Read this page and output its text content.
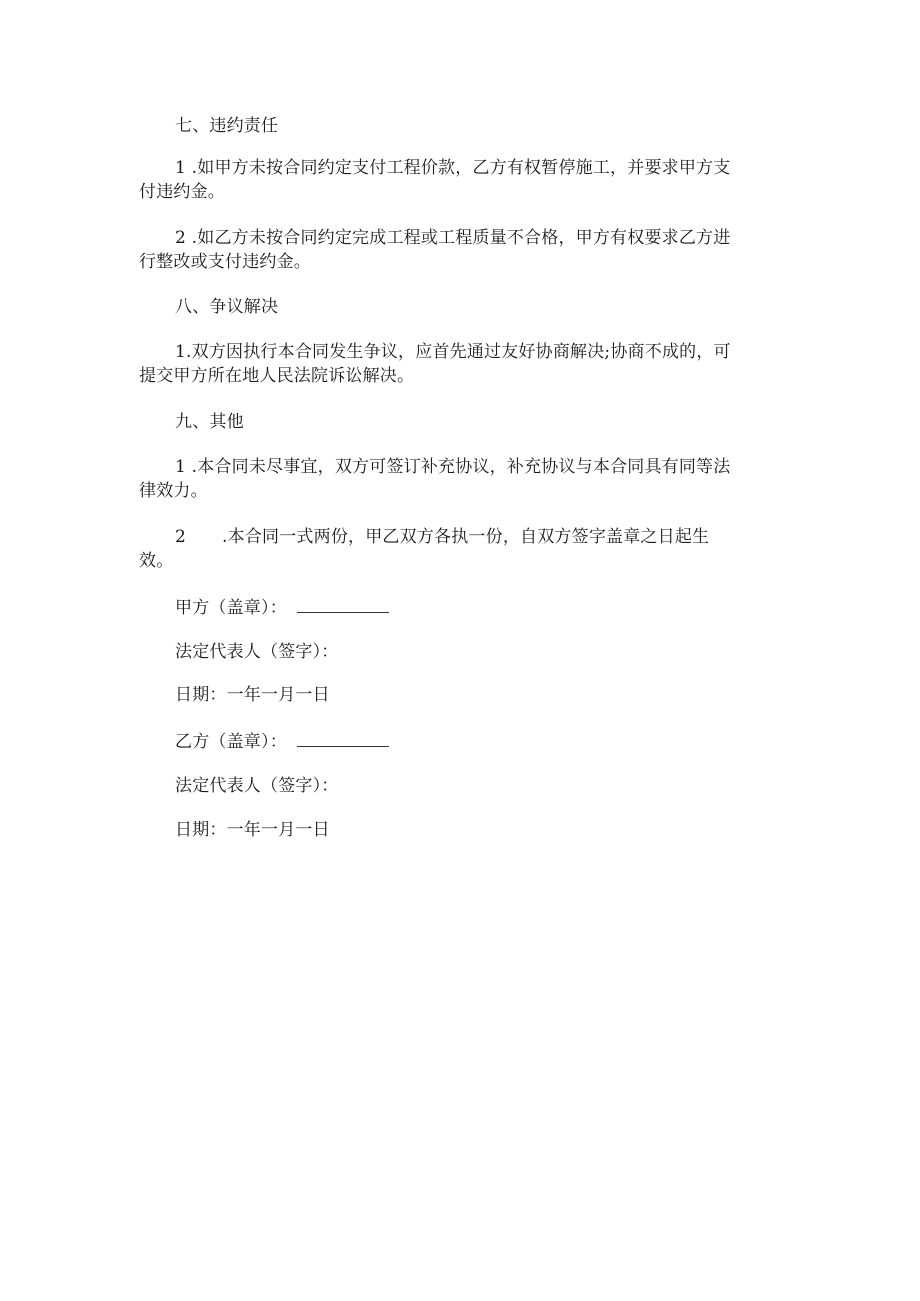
七、违约责任
1 .如甲方未按合同约定支付工程价款，乙方有权暂停施工，并要求甲方支
付违约金。
2 .如乙方未按合同约定完成工程或工程质量不合格，甲方有权要求乙方进
行整改或支付违约金。
八、争议解决
1.双方因执行本合同发生争议，应首先通过友好协商解决;协商不成的，可
提交甲方所在地人民法院诉讼解决。
九、其他
1 .本合同未尽事宜，双方可签订补充协议，补充协议与本合同具有同等法
律效力。
2 .本合同一式两份，甲乙双方各执一份，自双方签字盖章之日起生
效。
甲方（盖章）：
法定代表人（签字）：
日期：一年一月一日
乙方（盖章）：
法定代表人（签字）：
日期：一年一月一日
